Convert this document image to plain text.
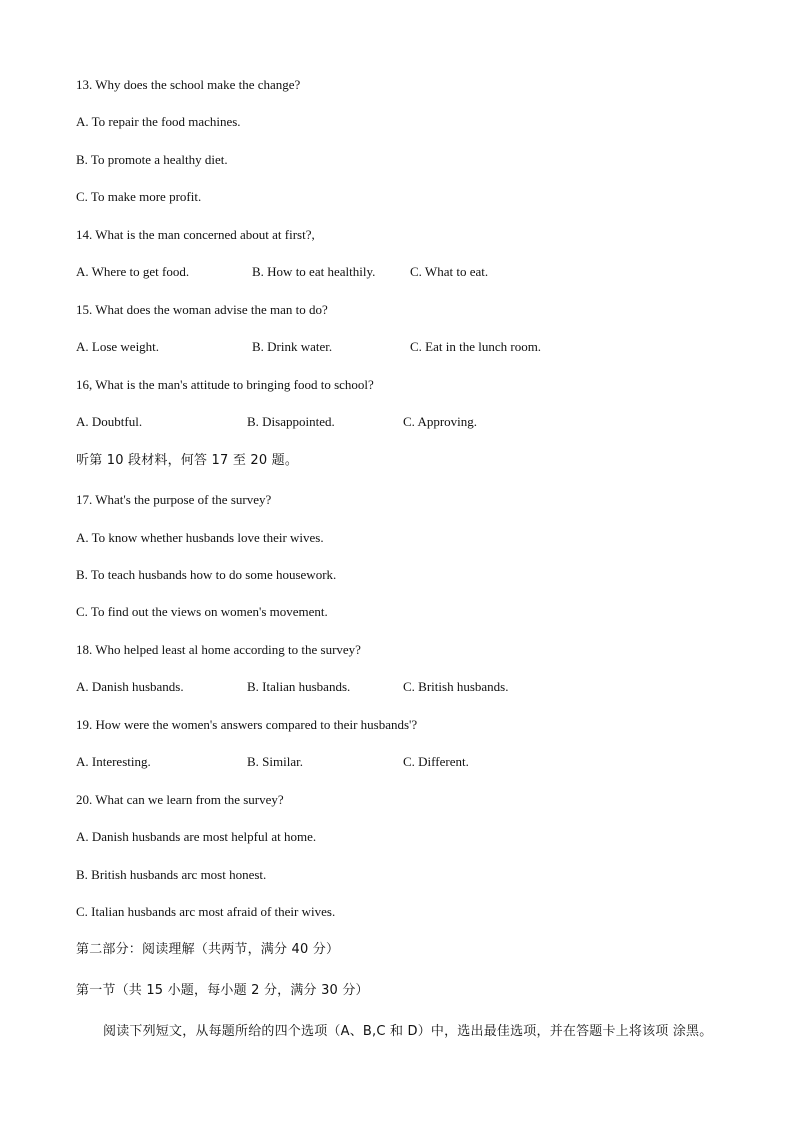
13. Why does the school make the change?
A. To repair the food machines.
B. To promote a healthy diet.
C. To make more profit.
14. What is the man concerned about at first?,
A. Where to get food.	B. How to eat healthily.	C. What to eat.
15. What does the woman advise the man to do?
A. Lose weight.	B. Drink water.	C. Eat in the lunch room.
16, What is the man's attitude to bringing food to school?
A. Doubtful.	B. Disappointed.	C. Approving.
听第 10 段材料，何答 17 至 20 题。
17. What's the purpose of the survey?
A. To know whether husbands love their wives.
B. To teach husbands how to do some housework.
C. To find out the views on women's movement.
18. Who helped least al home according to the survey?
A. Danish husbands.	B. Italian husbands.	C. British husbands.
19. How were the women's answers compared to their husbands'?
A. Interesting.	B. Similar.	C. Different.
20. What can we learn from the survey?
A. Danish husbands are most helpful at home.
B. British husbands arc most honest.
C. Italian husbands arc most afraid of their wives.
第二部分：阅读理解（共两节，满分 40 分）
第一节（共 15 小题，每小题 2 分，满分 30 分）
阅读下列短文，从每题所给的四个选项（A、B,C 和 D）中，选出最佳选项，并在答题卡上将该项 涂黑。
